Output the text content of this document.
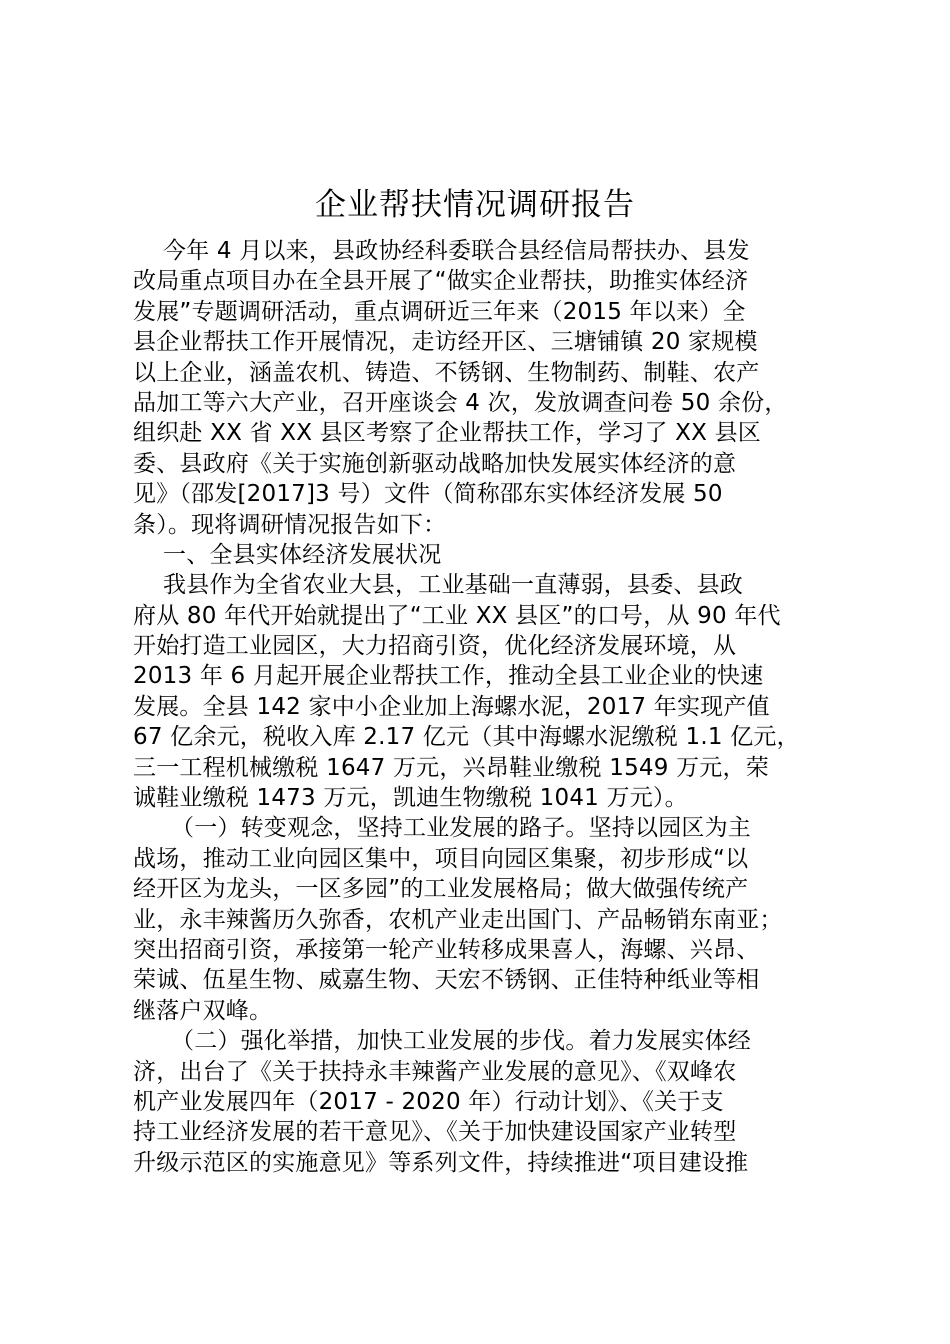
企业帮扶情况调研报告
今年 4 月以来，县政协经科委联合县经信局帮扶办、县发
改局重点项目办在全县开展了“做实企业帮扶，助推实体经济
发展”专题调研活动，重点调研近三年来（2015 年以来）全
县企业帮扶工作开展情况，走访经开区、三塘铺镇 20 家规模
以上企业，涵盖农机、铸造、不锈钢、生物制药、制鞋、农产
品加工等六大产业，召开座谈会 4 次，发放调查问卷 50 余份，
组织赴 XX 省 XX 县区考察了企业帮扶工作，学习了 XX 县区
委、县政府《关于实施创新驱动战略加快发展实体经济的意
见》（邵发[2017]3 号）文件（简称邵东实体经济发展 50
条）。现将调研情况报告如下：
一、全县实体经济发展状况
我县作为全省农业大县，工业基础一直薄弱，县委、县政
府从 80 年代开始就提出了“工业 XX 县区”的口号，从 90 年代
开始打造工业园区，大力招商引资，优化经济发展环境，从
2013 年 6 月起开展企业帮扶工作，推动全县工业企业的快速
发展。全县 142 家中小企业加上海螺水泥，2017 年实现产值
67 亿余元，税收入库 2.17 亿元（其中海螺水泥缴税 1.1 亿元，
三一工程机械缴税 1647 万元，兴昂鞋业缴税 1549 万元，荣
诚鞋业缴税 1473 万元，凯迪生物缴税 1041 万元）。
（一）转变观念，坚持工业发展的路子。坚持以园区为主
战场，推动工业向园区集中，项目向园区集聚，初步形成“以
经开区为龙头，一区多园”的工业发展格局；做大做强传统产
业，永丰辣酱历久弥香，农机产业走出国门、产品畅销东南亚；
突出招商引资，承接第一轮产业转移成果喜人，海螺、兴昂、
荣诚、伍星生物、威嘉生物、天宏不锈钢、正佳特种纸业等相
继落户双峰。
（二）强化举措，加快工业发展的步伐。着力发展实体经
济，出台了《关于扶持永丰辣酱产业发展的意见》、《双峰农
机产业发展四年（2017 - 2020 年）行动计划》、《关于支
持工业经济发展的若干意见》、《关于加快建设国家产业转型
升级示范区的实施意见》等系列文件，持续推进“项目建设推
